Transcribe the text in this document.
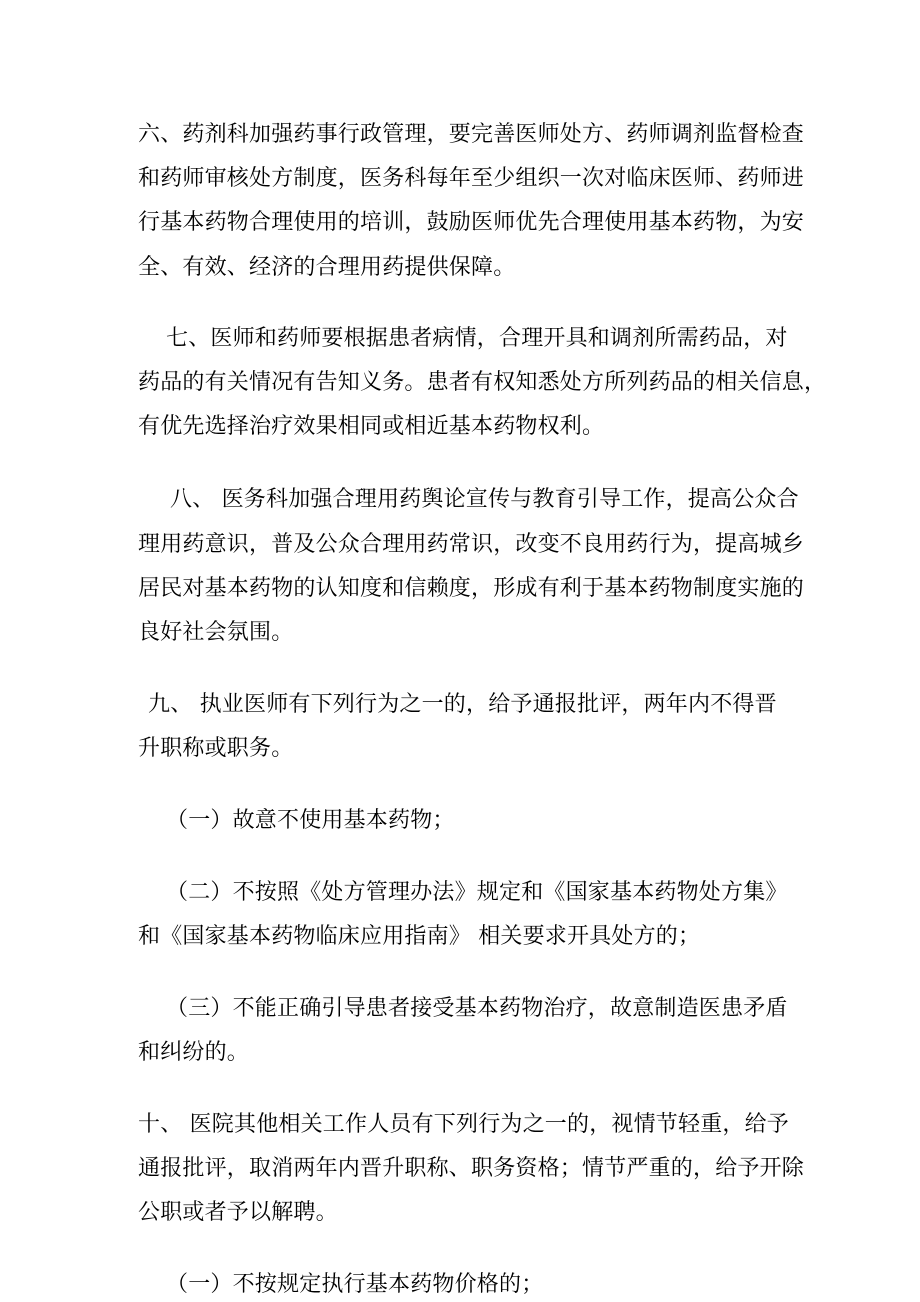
六、药剂科加强药事行政管理，要完善医师处方、药师调剂监督检查
和药师审核处方制度，医务科每年至少组织一次对临床医师、药师进
行基本药物合理使用的培训，鼓励医师优先合理使用基本药物，为安
全、有效、经济的合理用药提供保障。
七、医师和药师要根据患者病情，合理开具和调剂所需药品，对
药品的有关情况有告知义务。患者有权知悉处方所列药品的相关信息，
有优先选择治疗效果相同或相近基本药物权利。
八、 医务科加强合理用药舆论宣传与教育引导工作，提高公众合
理用药意识，普及公众合理用药常识，改变不良用药行为，提高城乡
居民对基本药物的认知度和信赖度，形成有利于基本药物制度实施的
良好社会氛围。
九、 执业医师有下列行为之一的，给予通报批评，两年内不得晋
升职称或职务。
（一）故意不使用基本药物；
（二）不按照《处方管理办法》规定和《国家基本药物处方集》
和《国家基本药物临床应用指南》 相关要求开具处方的；
（三）不能正确引导患者接受基本药物治疗，故意制造医患矛盾
和纠纷的。
十、 医院其他相关工作人员有下列行为之一的，视情节轻重，给予
通报批评，取消两年内晋升职称、职务资格；情节严重的，给予开除
公职或者予以解聘。
（一）不按规定执行基本药物价格的；
